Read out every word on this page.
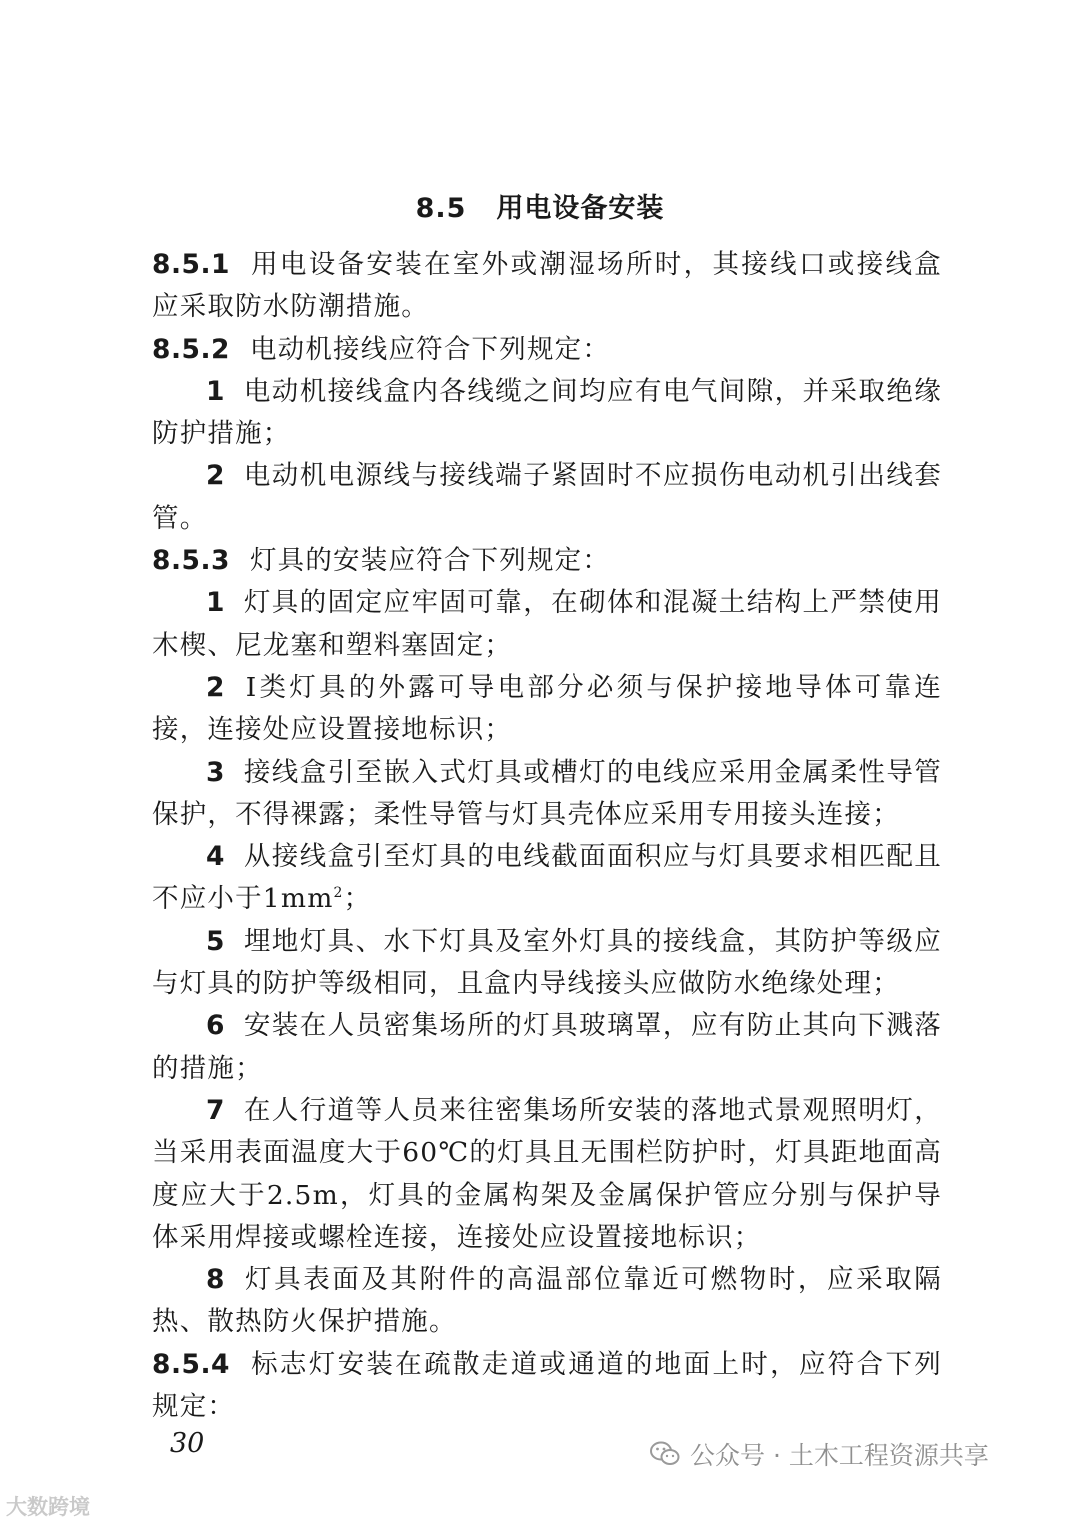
8.5 用电设备安装

8.5.1 用电设备安装在室外或潮湿场所时，其接线口或接线盒应采取防水防潮措施。

8.5.2 电动机接线应符合下列规定：

1 电动机接线盒内各线缆之间均应有电气间隙，并采取绝缘防护措施；

2 电动机电源线与接线端子紧固时不应损伤电动机引出线套管。

8.5.3 灯具的安装应符合下列规定：

1 灯具的固定应牢固可靠，在砌体和混凝土结构上严禁使用木楔、尼龙塞和塑料塞固定；

2 Ⅰ类灯具的外露可导电部分必须与保护接地导体可靠连接，连接处应设置接地标识；

3 接线盒引至嵌入式灯具或槽灯的电线应采用金属柔性导管保护，不得裸露；柔性导管与灯具壳体应采用专用接头连接；

4 从接线盒引至灯具的电线截面面积应与灯具要求相匹配且不应小于$1mm^2$；

5 埋地灯具、水下灯具及室外灯具的接线盒，其防护等级应与灯具的防护等级相同，且盒内导线接头应做防水绝缘处理；

6 安装在人员密集场所的灯具玻璃罩，应有防止其向下溅落的措施；

7 在人行道等人员来往密集场所安装的落地式景观照明灯，当采用表面温度大于60℃的灯具且无围栏防护时，灯具距地面高度应大于2.5m，灯具的金属构架及金属保护管应分别与保护导体采用焊接或螺栓连接，连接处应设置接地标识；

8 灯具表面及其附件的高温部位靠近可燃物时，应采取隔热、散热防火保护措施。

8.5.4 标志灯安装在疏散走道或通道的地面上时，应符合下列规定：

30	公众号 · 土木工程资源共享
大数跨境
